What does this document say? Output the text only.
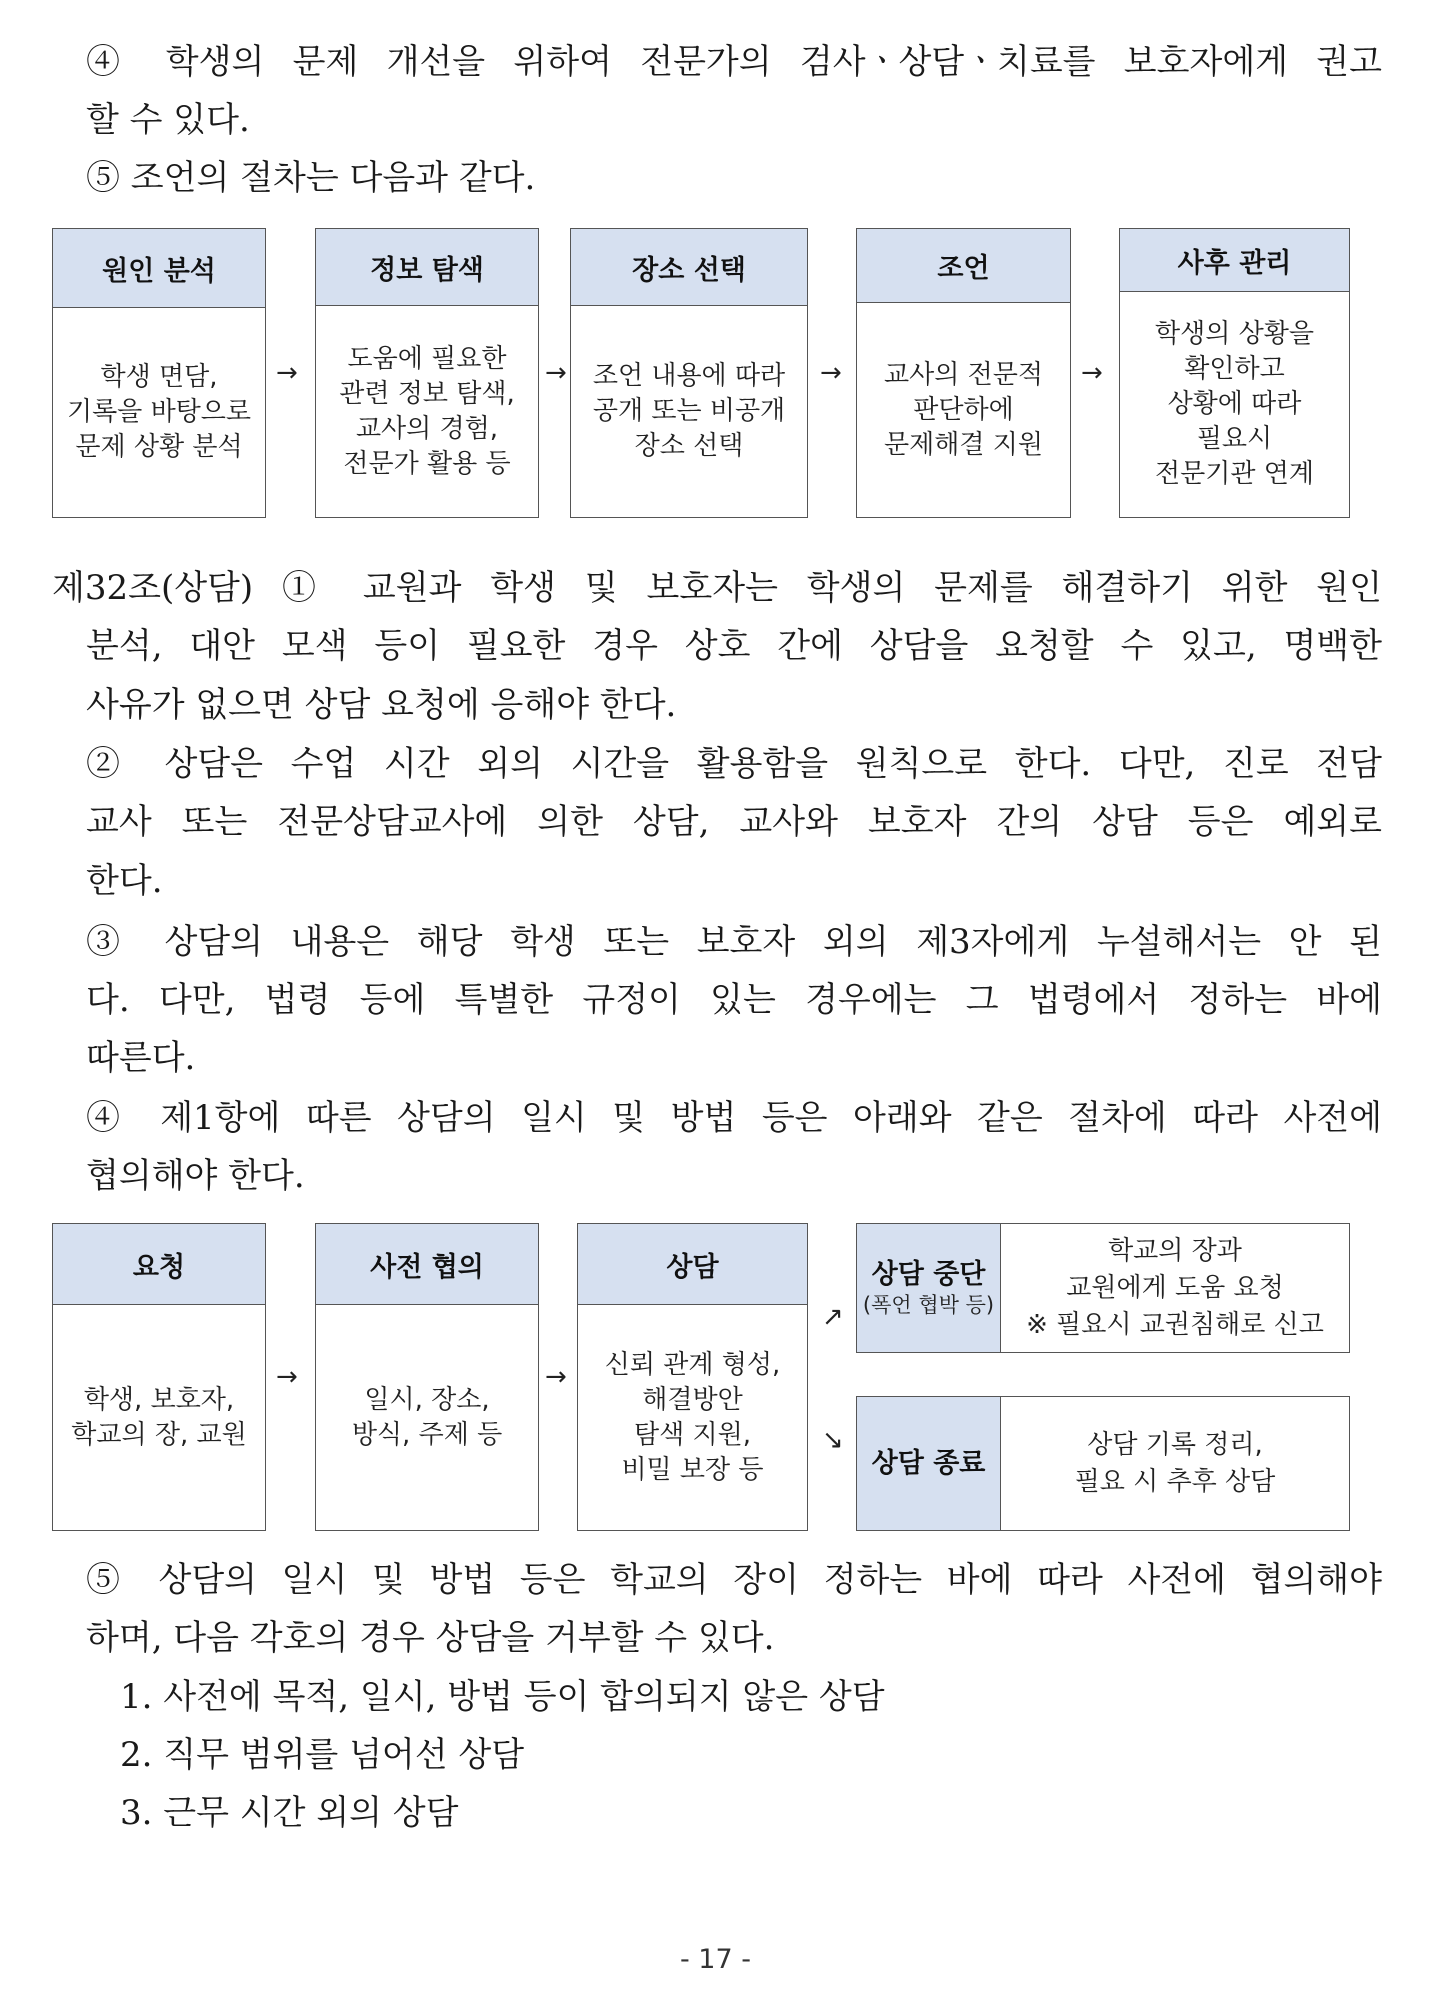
④ 학생의 문제 개선을 위하여 전문가의 검사ㆍ상담ㆍ치료를 보호자에게 권고
할 수 있다.
⑤ 조언의 절차는 다음과 같다.
원인 분석
학생 면담,
기록을 바탕으로
문제 상황 분석
→
정보 탐색
도움에 필요한
관련 정보 탐색,
교사의 경험,
전문가 활용 등
→
장소 선택
조언 내용에 따라
공개 또는 비공개
장소 선택
→
조언
교사의 전문적
판단하에
문제해결 지원
→
사후 관리
학생의 상황을
확인하고
상황에 따라
필요시
전문기관 연계
제32조(상담) ① 교원과 학생 및 보호자는 학생의 문제를 해결하기 위한 원인
분석, 대안 모색 등이 필요한 경우 상호 간에 상담을 요청할 수 있고, 명백한
사유가 없으면 상담 요청에 응해야 한다.
② 상담은 수업 시간 외의 시간을 활용함을 원칙으로 한다. 다만, 진로 전담
교사 또는 전문상담교사에 의한 상담, 교사와 보호자 간의 상담 등은 예외로
한다.
③ 상담의 내용은 해당 학생 또는 보호자 외의 제3자에게 누설해서는 안 된
다. 다만, 법령 등에 특별한 규정이 있는 경우에는 그 법령에서 정하는 바에
따른다.
④ 제1항에 따른 상담의 일시 및 방법 등은 아래와 같은 절차에 따라 사전에
협의해야 한다.
요청
학생, 보호자,
학교의 장, 교원
→
사전 협의
일시, 장소,
방식, 주제 등
→
상담
신뢰 관계 형성,
해결방안
탐색 지원,
비밀 보장 등
↗
↘
상담 중단
(폭언 협박 등)
학교의 장과
교원에게 도움 요청
※ 필요시 교권침해로 신고
상담 종료
상담 기록 정리,
필요 시 추후 상담
⑤ 상담의 일시 및 방법 등은 학교의 장이 정하는 바에 따라 사전에 협의해야
하며, 다음 각호의 경우 상담을 거부할 수 있다.
1. 사전에 목적, 일시, 방법 등이 합의되지 않은 상담
2. 직무 범위를 넘어선 상담
3. 근무 시간 외의 상담
- 17 -
